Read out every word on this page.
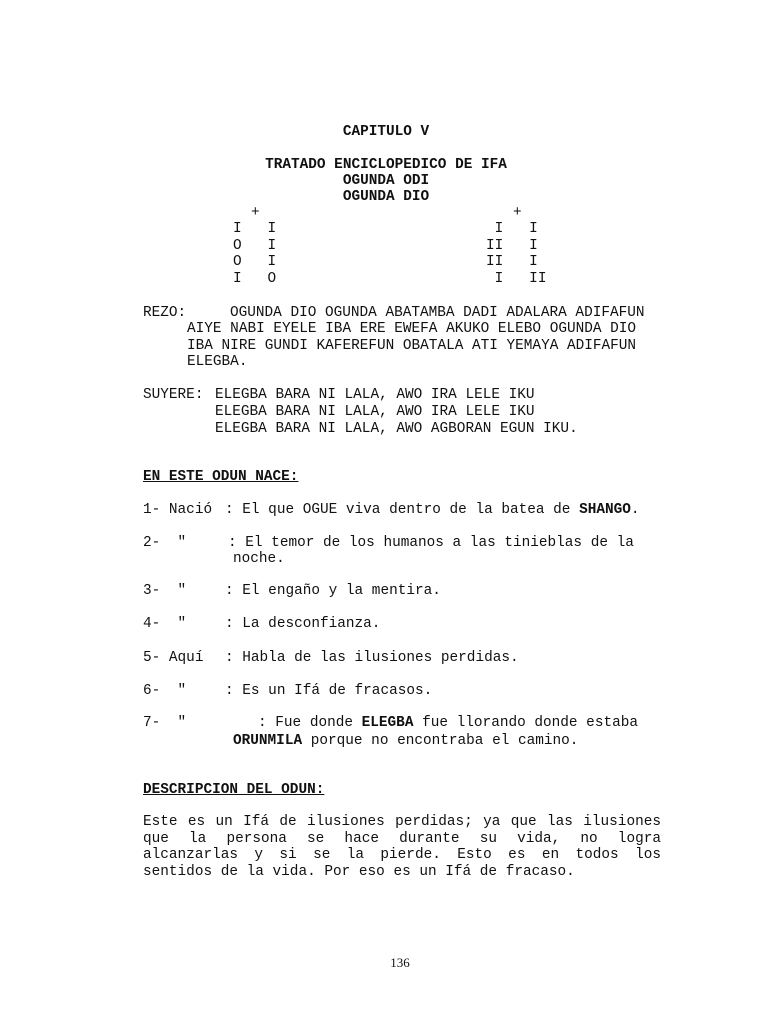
CAPITULO V
TRATADO ENCICLOPEDICO DE IFA
OGUNDA ODI
OGUNDA DIO
+
I   I
O   I
O   I
I   O
+
I   I
II   I
II   I
I   II
REZO:	OGUNDA DIO OGUNDA ABATAMBA DADI ADALARA ADIFAFUN
AIYE NABI EYELE IBA ERE EWEFA AKUKO ELEBO OGUNDA DIO
IBA NIRE GUNDI KAFEREFUN OBATALA ATI YEMAYA ADIFAFUN
ELEGBA.
SUYERE: ELEGBA BARA NI LALA, AWO IRA LELE IKU
ELEGBA BARA NI LALA, AWO IRA LELE IKU
ELEGBA BARA NI LALA, AWO AGBORAN EGUN IKU.
EN ESTE ODUN NACE:
1- Nació : El que OGUE viva dentro de la batea de SHANGO.
2-  "	: El temor de los humanos a las tinieblas de la
noche.
3-  "	: El engaño y la mentira.
4-  "	: La desconfianza.
5- Aquí : Habla de las ilusiones perdidas.
6-  "	: Es un Ifá de fracasos.
7-  "	: Fue donde ELEGBA fue llorando donde estaba
ORUNMILA porque no encontraba el camino.
DESCRIPCION DEL ODUN:
Este es un Ifá de ilusiones perdidas; ya que las ilusiones que la persona se hace durante su vida, no logra alcanzarlas y si se la pierde. Esto es en todos los sentidos de la vida. Por eso es un Ifá de fracaso.
136
